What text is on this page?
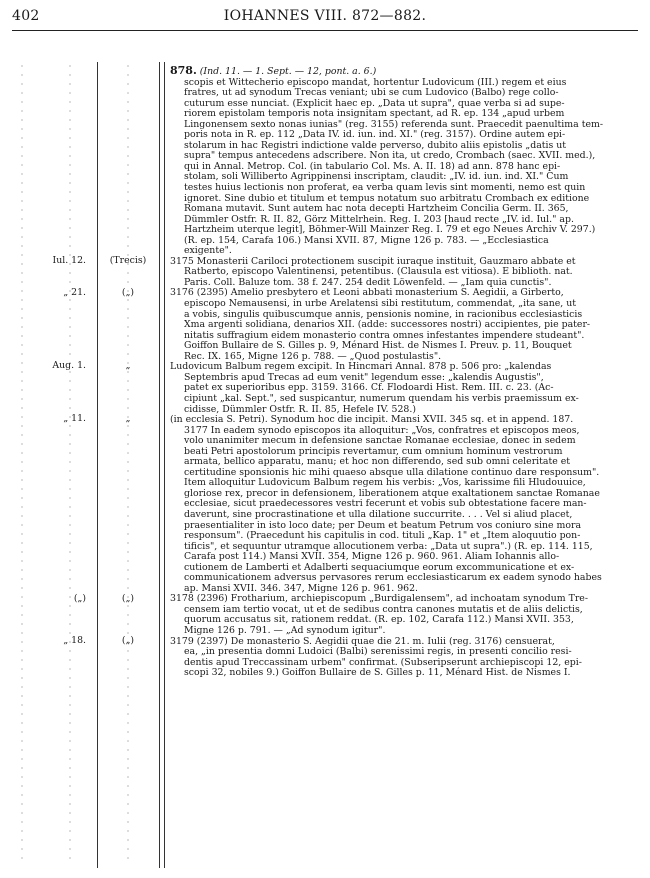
402	IOHANNES VIII. 872—882.

878. (Ind. 11. — 1. Sept. — 12, pont. a. 6.)

scopis et Wittecherio episcopo mandat, hortentur Ludovicum (III.) regem et eius

fratres, ut ad synodum Trecas veniant; ubi se cum Ludovico (Balbo) rege collo-

cuturum esse nunciat. (Explicit haec ep. „Data ut supra", quae verba si ad supe-

riorem epistolam temporis nota insignitam spectant, ad R. ep. 134 „apud urbem

Lingonensem sexto nonas iunias" (reg. 3155) referenda sunt. Praecedit paenultima tem-

poris nota in R. ep. 112 „Data IV. id. iun. ind. XI." (reg. 3157). Ordine autem epi-

stolarum in hac Registri indictione valde perverso, dubito aliis epistolis „datis ut

supra" tempus antecedens adscribere. Non ita, ut credo, Crombach (saec. XVII. med.),

qui in Annal. Metrop. Col. (in tabulario Col. Ms. A. II. 18) ad ann. 878 hanc epi-

stolam, soli Williberto Agrippinensi inscriptam, claudit: „IV. id. iun. ind. XI." Cum

testes huius lectionis non proferat, ea verba quam levis sint momenti, nemo est quin

ignoret. Sine dubio et titulum et tempus notatum suo arbitratu Crombach ex editione

Romana mutavit. Sunt autem hac nota decepti Hartzheim Concilia Germ. II. 365,

Dümmler Ostfr. R. II. 82, Görz Mittelrhein. Reg. I. 203 [haud recte „IV. id. Iul." ap.

Hartzheim uterque legit], Böhmer-Will Mainzer Reg. I. 79 et ego Neues Archiv V. 297.)

(R. ep. 154, Carafa 106.) Mansi XVII. 87, Migne 126 p. 783. — „Ecclesiastica

exigente".

3175 Monasterii Cariloci protectionem suscipit iuraque instituit, Gauzmaro abbate et

Ratberto, episcopo Valentinensi, petentibus. (Clausula est vitiosa). E biblioth. nat.

Paris. Coll. Baluze tom. 38 f. 247. 254 dedit Löwenfeld. — „Iam quia cunctis".

3176 (2395) Amelio presbytero et Leoni abbati monasterium S. Aegidii, a Girberto,

episcopo Nemausensi, in urbe Arelatensi sibi restitutum, commendat, „ita sane, ut

a vobis, singulis quibuscumque annis, pensionis nomine, in racionibus ecclesiasticis

Xma argenti solidiana, denarios XII. (adde: successores nostri) accipientes, pie pater-

nitatis suffragium eidem monasterio contra omnes infestantes impendere studeant".

Goiffon Bullaire de S. Gilles p. 9, Ménard Hist. de Nismes I. Preuv. p. 11, Bouquet

Rec. IX. 165, Migne 126 p. 788. — „Quod postulastis".

Ludovicum Balbum regem excipit. In Hincmari Annal. 878 p. 506 pro: „kalendas

Septembris apud Trecas ad eum venit" legendum esse: „kalendis Augustis",

patet ex superioribus epp. 3159. 3166. Cf. Flodoardi Hist. Rem. III. c. 23. (Ac-

cipiunt „kal. Sept.", sed suspicantur, numerum quendam his verbis praemissum ex-

cidisse, Dümmler Ostfr. R. II. 85, Hefele IV. 528.)

(in ecclesia S. Petri). Synodum hoc die incipit. Mansi XVII. 345 sq. et in append. 187.

3177 In eadem synodo episcopos ita alloquitur: „Vos, confratres et episcopos meos,

volo unanimiter mecum in defensione sanctae Romanae ecclesiae, donec in sedem

beati Petri apostolorum principis revertamur, cum omnium hominum vestrorum

armata, bellico apparatu, manu; et hoc non differendo, sed sub omni celeritate et

certitudine sponsionis hic mihi quaeso absque ulla dilatione continuo dare responsum".

Item alloquitur Ludovicum Balbum regem his verbis: „Vos, karissime fili Hludouuice,

gloriose rex, precor in defensionem, liberationem atque exaltationem sanctae Romanae

ecclesiae, sicut praedecessores vestri fecerunt et vobis sub obtestatione facere man-

daverunt, sine procrastinatione et ulla dilatione succurrite. . . . Vel si aliud placet,

praesentialiter in isto loco date; per Deum et beatum Petrum vos coniuro sine mora

responsum". (Praecedunt his capitulis in cod. tituli „Kap. 1" et „Item aloquutio pon-

tificis", et sequuntur utramque allocutionem verba: „Data ut supra".) (R. ep. 114. 115,

Carafa post 114.) Mansi XVII. 354, Migne 126 p. 960. 961. Aliam Iohannis allo-

cutionem de Lamberti et Adalberti sequaciumque eorum excommunicatione et ex-

communicationem adversus pervasores rerum ecclesiasticarum ex eadem synodo habes

ap. Mansi XVII. 346. 347, Migne 126 p. 961. 962.

3178 (2396) Frotharium, archiepiscopum „Burdigalensem", ad inchoatam synodum Tre-

censem iam tertio vocat, ut et de sedibus contra canones mutatis et de aliis delictis,

quorum accusatus sit, rationem reddat. (R. ep. 102, Carafa 112.) Mansi XVII. 353,

Migne 126 p. 791. — „Ad synodum igitur".

3179 (2397) De monasterio S. Aegidii quae die 21. m. Iulii (reg. 3176) censuerat,

ea, „in presentia domni Ludoici (Balbi) serenissimi regis, in presenti concilio resi-

dentis apud Treccassinam urbem" confirmat. (Subseripserunt archiepiscopi 12, epi-

scopi 32, nobiles 9.) Goiffon Bullaire de S. Gilles p. 11, Ménard Hist. de Nismes I.

Iul. 12.	(Trecis)
„ 21.	(„)
Aug. 1.	„
„ 11.	„
(„)	(„)
„ 18.	(„)
